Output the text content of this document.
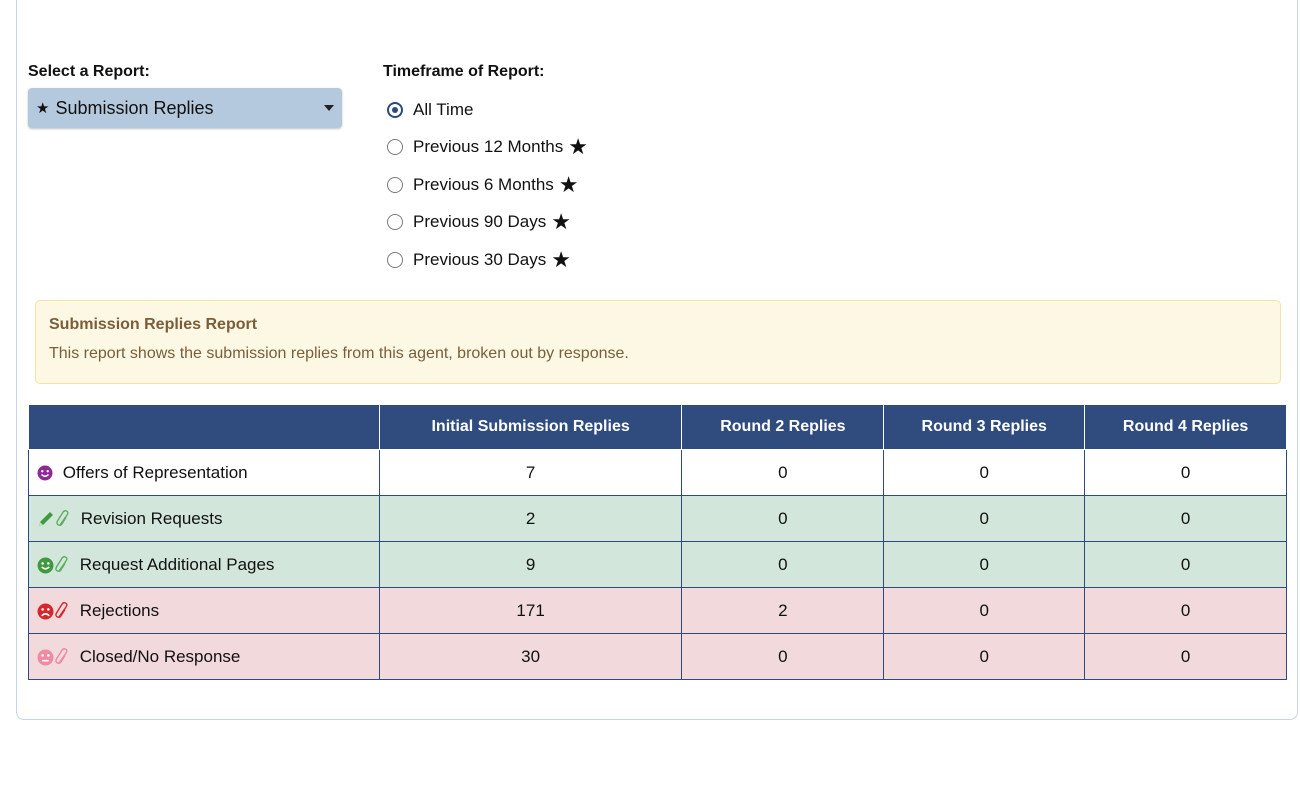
Select a Report:
★ Submission Replies
Timeframe of Report:
All Time
Previous 12 Months ★
Previous 6 Months ★
Previous 90 Days ★
Previous 30 Days ★
Submission Replies Report
This report shows the submission replies from this agent, broken out by response.
	Initial Submission Replies	Round 2 Replies	Round 3 Replies	Round 4 Replies

Offers of Representation	7	0	0	0

Revision Requests	2	0	0	0

Request Additional Pages	9	0	0	0

Rejections	171	2	0	0

Closed/No Response	30	0	0	0
